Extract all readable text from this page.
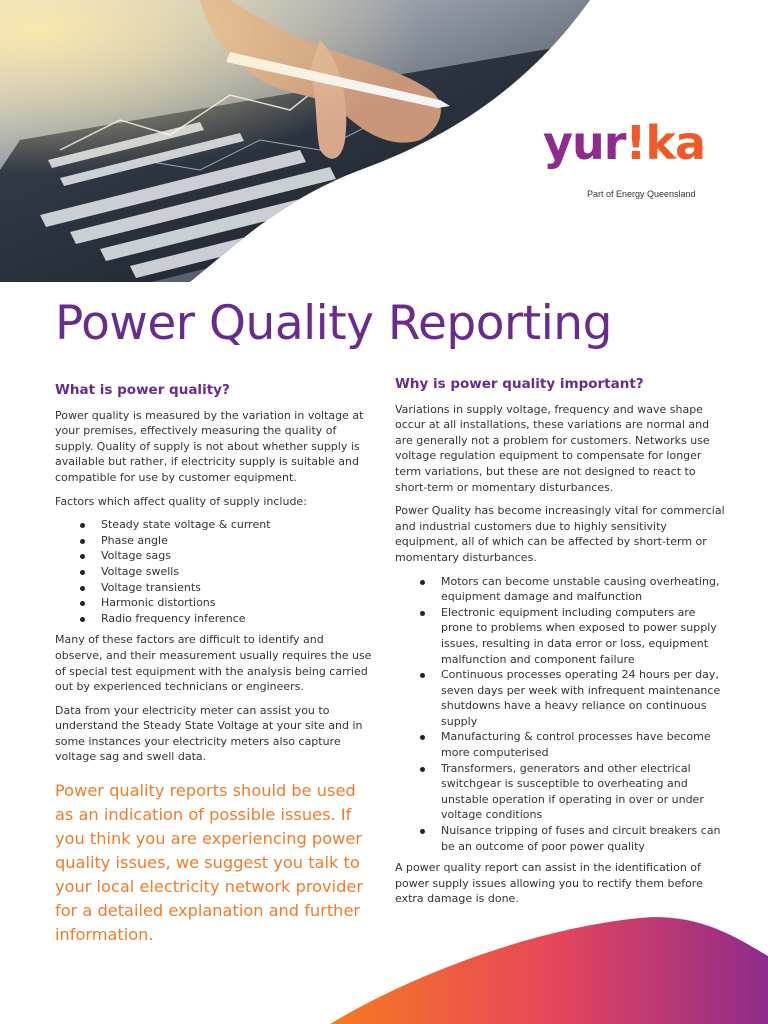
yur!ka
Part of Energy Queensland
Power Quality Reporting
What is power quality?

Power quality is measured by the variation in voltage at your premises, effectively measuring the quality of supply. Quality of supply is not about whether supply is available but rather, if electricity supply is suitable and compatible for use by customer equipment.

Factors which affect quality of supply include:

Steady state voltage & current
Phase angle
Voltage sags
Voltage swells
Voltage transients
Harmonic distortions
Radio frequency inference

Many of these factors are difficult to identify and observe, and their measurement usually requires the use of special test equipment with the analysis being carried out by experienced technicians or engineers.

Data from your electricity meter can assist you to understand the Steady State Voltage at your site and in some instances your electricity meters also capture voltage sag and swell data.

Power quality reports should be used as an indication of possible issues. If you think you are experiencing power quality issues, we suggest you talk to your local electricity network provider for a detailed explanation and further information.
Why is power quality important?

Variations in supply voltage, frequency and wave shape occur at all installations, these variations are normal and are generally not a problem for customers. Networks use voltage regulation equipment to compensate for longer term variations, but these are not designed to react to short-term or momentary disturbances.

Power Quality has become increasingly vital for commercial and industrial customers due to highly sensitivity equipment, all of which can be affected by short-term or momentary disturbances.

Motors can become unstable causing overheating, equipment damage and malfunction
Electronic equipment including computers are prone to problems when exposed to power supply issues, resulting in data error or loss, equipment malfunction and component failure
Continuous processes operating 24 hours per day, seven days per week with infrequent maintenance shutdowns have a heavy reliance on continuous supply
Manufacturing & control processes have become more computerised
Transformers, generators and other electrical switchgear is susceptible to overheating and unstable operation if operating in over or under voltage conditions
Nuisance tripping of fuses and circuit breakers can be an outcome of poor power quality

A power quality report can assist in the identification of power supply issues allowing you to rectify them before extra damage is done.
